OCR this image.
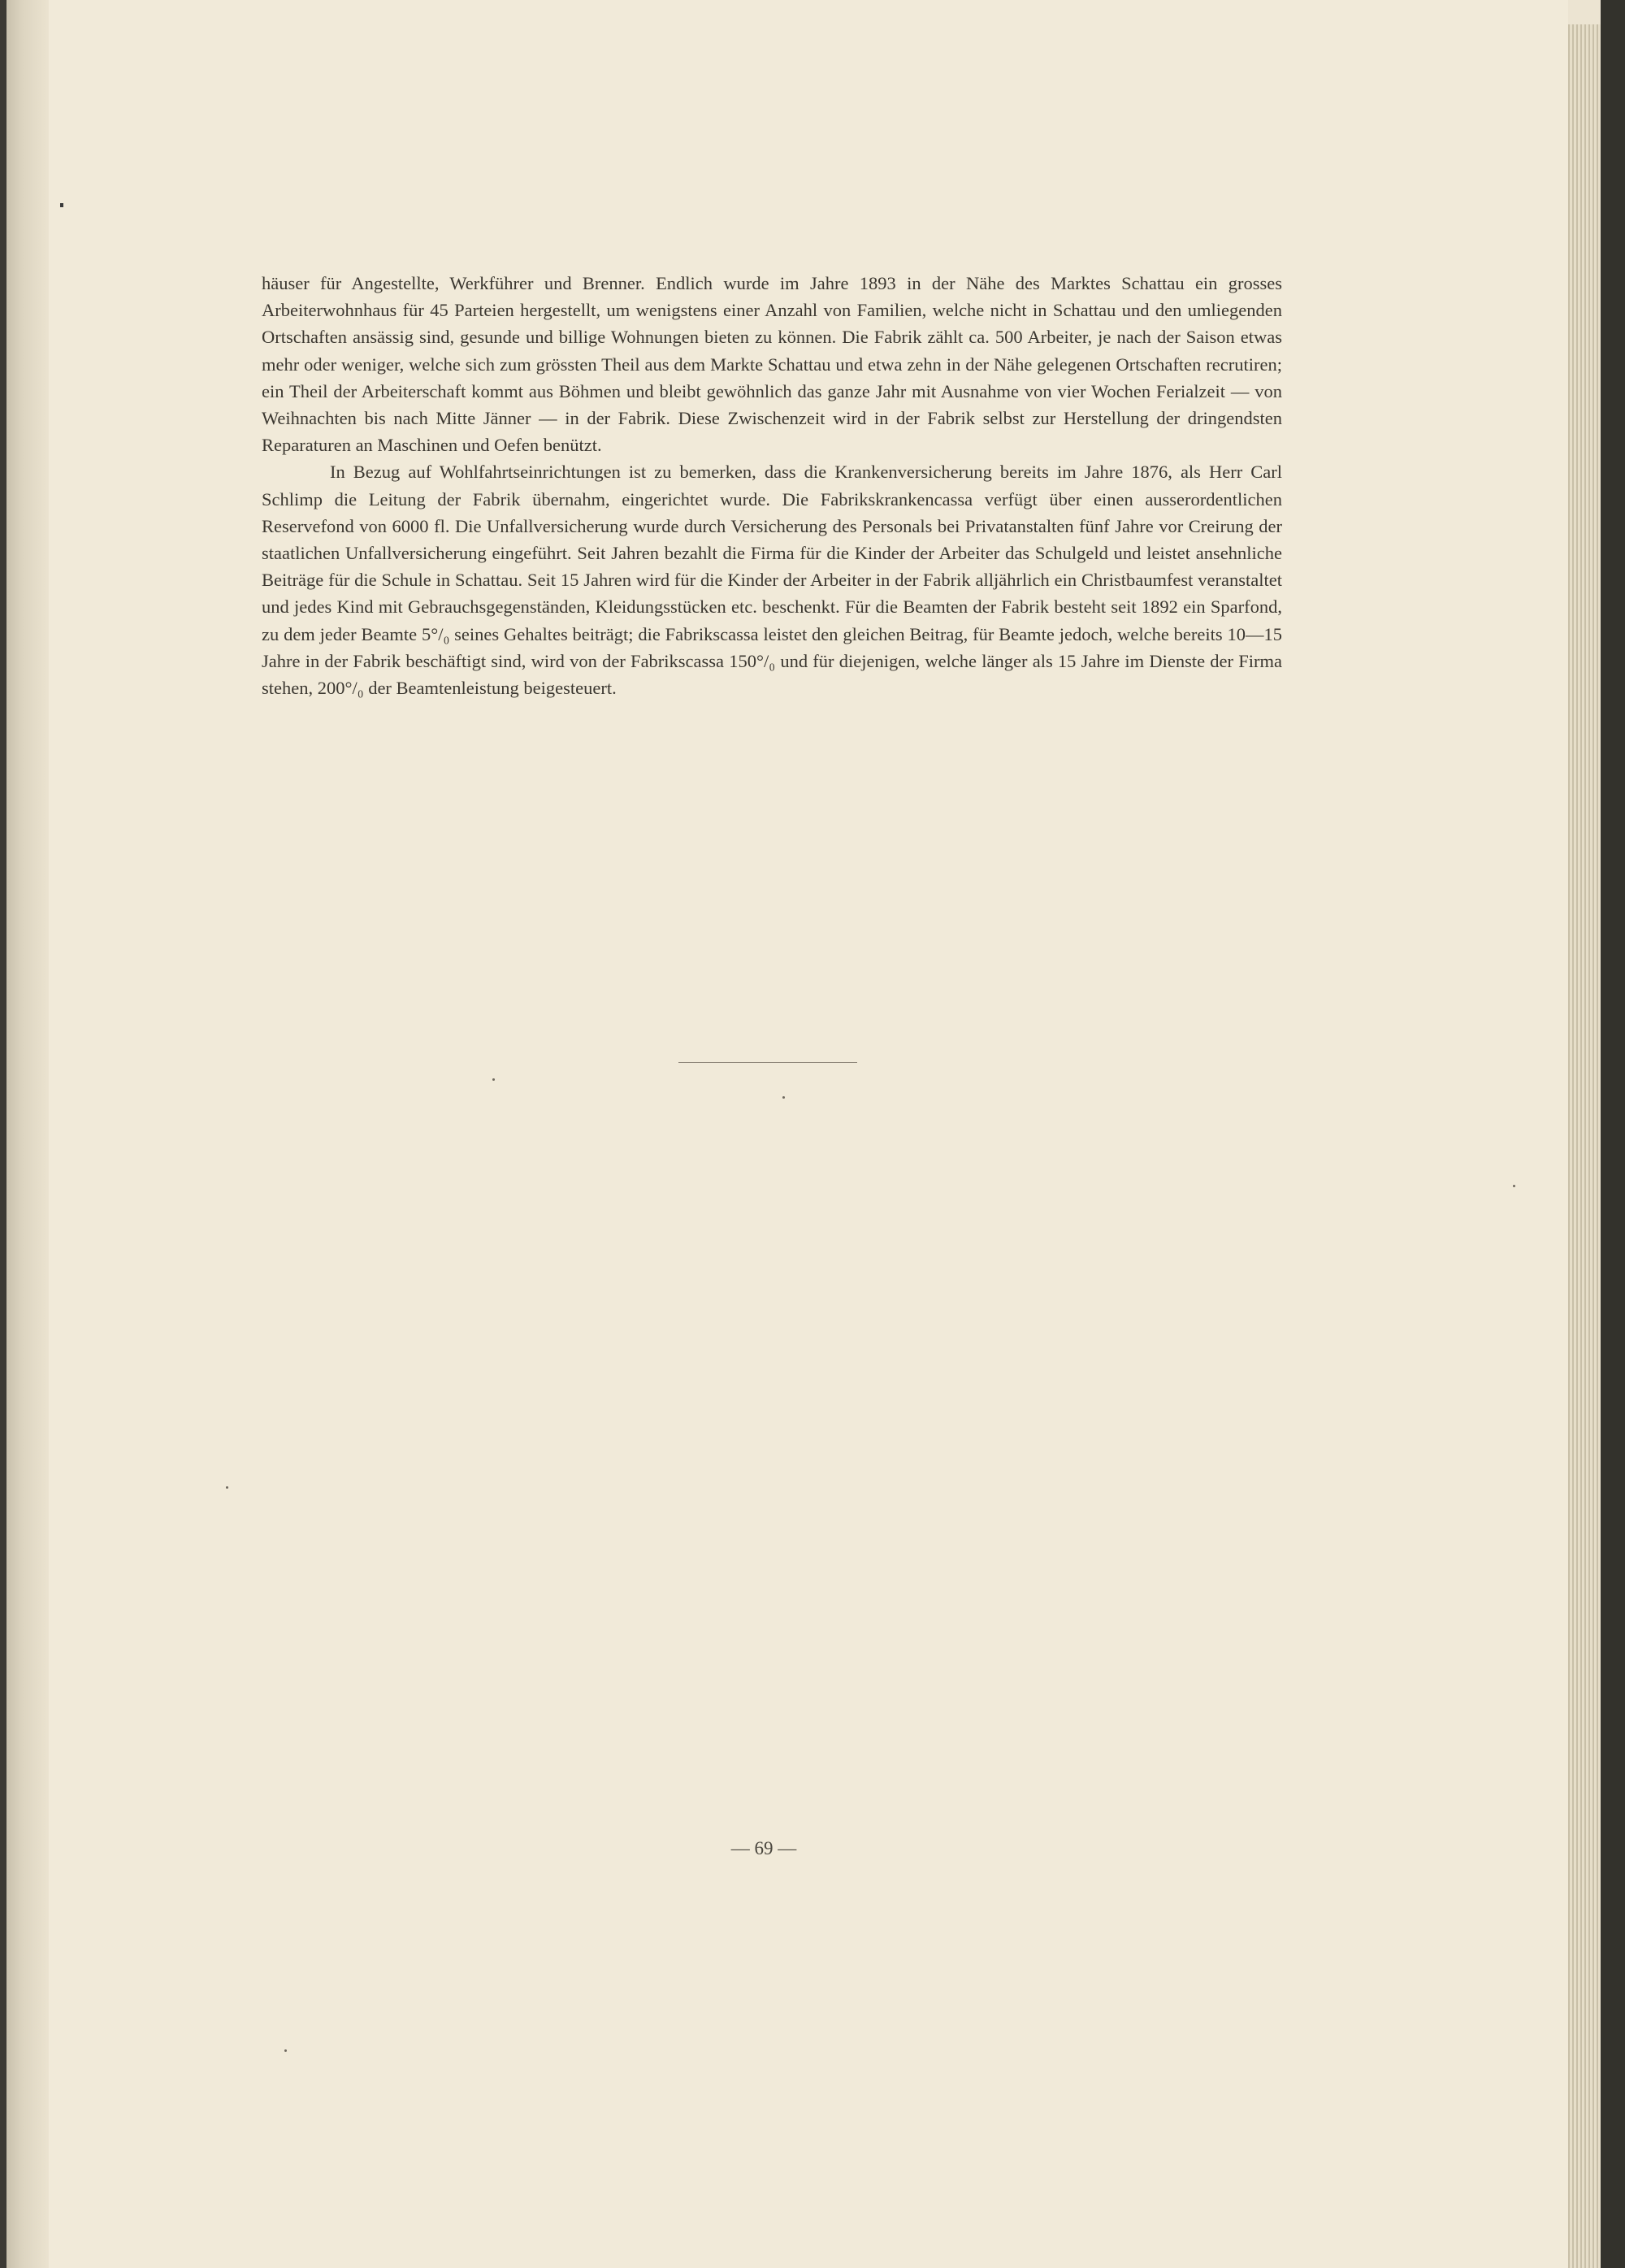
häuser für Angestellte, Werkführer und Brenner. Endlich wurde im Jahre 1893 in der Nähe des Marktes Schattau ein grosses Arbeiterwohnhaus für 45 Parteien hergestellt, um wenigstens einer Anzahl von Familien, welche nicht in Schattau und den umliegenden Ortschaften ansässig sind, gesunde und billige Wohnungen bieten zu können. Die Fabrik zählt ca. 500 Arbeiter, je nach der Saison etwas mehr oder weniger, welche sich zum grössten Theil aus dem Markte Schattau und etwa zehn in der Nähe gelegenen Ortschaften recrutiren; ein Theil der Arbeiterschaft kommt aus Böhmen und bleibt gewöhnlich das ganze Jahr mit Ausnahme von vier Wochen Ferialzeit — von Weihnachten bis nach Mitte Jänner — in der Fabrik. Diese Zwischenzeit wird in der Fabrik selbst zur Herstellung der dringendsten Reparaturen an Maschinen und Oefen benützt.

In Bezug auf Wohlfahrtseinrichtungen ist zu bemerken, dass die Krankenversicherung bereits im Jahre 1876, als Herr Carl Schlimp die Leitung der Fabrik übernahm, eingerichtet wurde. Die Fabrikskrankencassa verfügt über einen ausserordentlichen Reservefond von 6000 fl. Die Unfallversicherung wurde durch Versicherung des Personals bei Privatanstalten fünf Jahre vor Creirung der staatlichen Unfallversicherung eingeführt. Seit Jahren bezahlt die Firma für die Kinder der Arbeiter das Schulgeld und leistet ansehnliche Beiträge für die Schule in Schattau. Seit 15 Jahren wird für die Kinder der Arbeiter in der Fabrik alljährlich ein Christbaumfest veranstaltet und jedes Kind mit Gebrauchsgegenständen, Kleidungsstücken etc. beschenkt. Für die Beamten der Fabrik besteht seit 1892 ein Sparfond, zu dem jeder Beamte 5°/₀ seines Gehaltes beiträgt; die Fabrikscassa leistet den gleichen Beitrag, für Beamte jedoch, welche bereits 10—15 Jahre in der Fabrik beschäftigt sind, wird von der Fabrikscassa 150°/₀ und für diejenigen, welche länger als 15 Jahre im Dienste der Firma stehen, 200°/₀ der Beamtenleistung beigesteuert.

— 69 —
